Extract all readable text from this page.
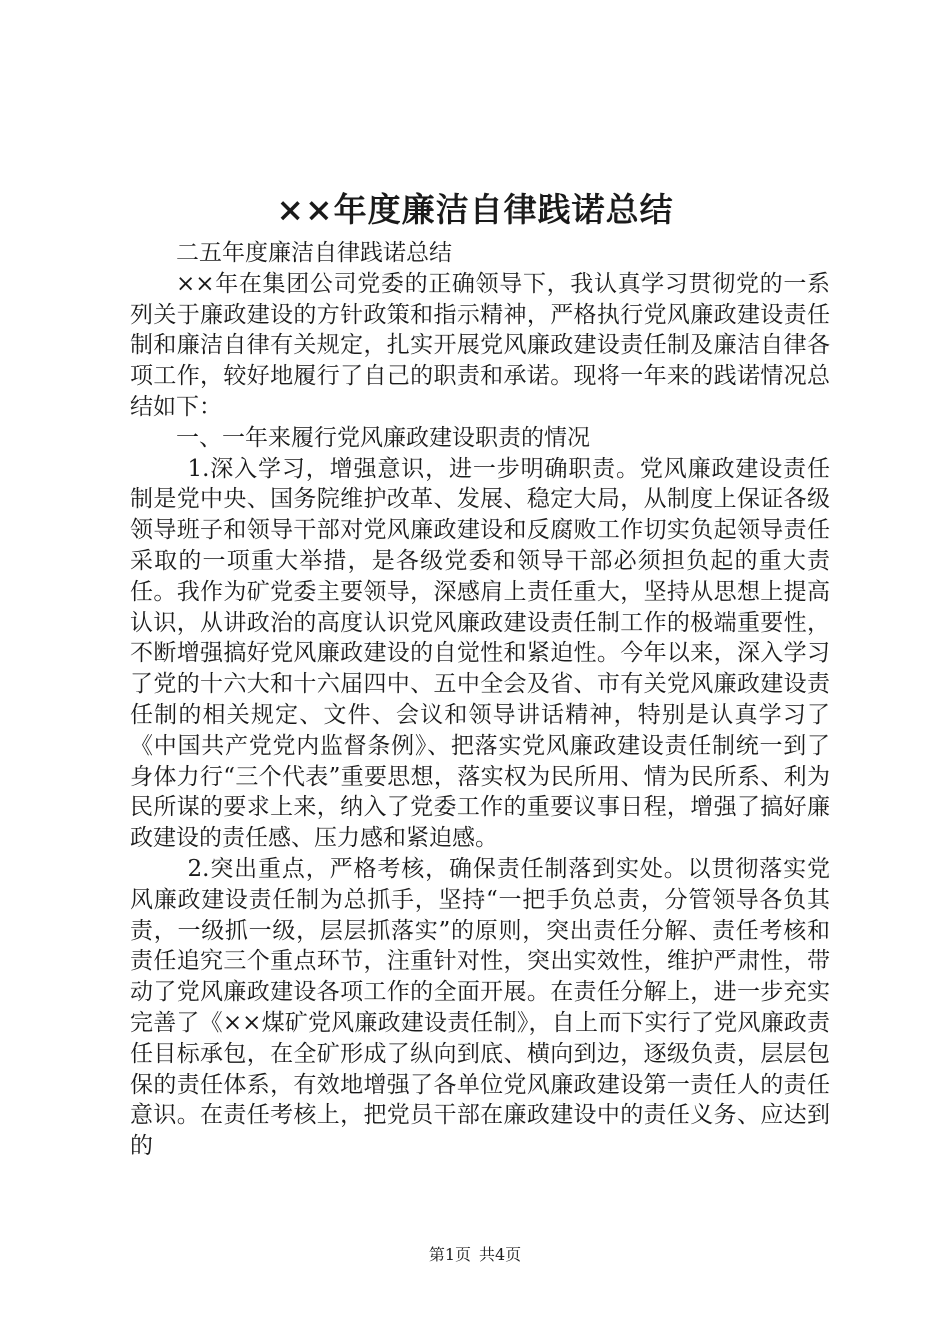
××年度廉洁自律践诺总结

二五年度廉洁自律践诺总结

××年在集团公司党委的正确领导下，我认真学习贯彻党的一系列关于廉政建设的方针政策和指示精神，严格执行党风廉政建设责任制和廉洁自律有关规定，扎实开展党风廉政建设责任制及廉洁自律各项工作，较好地履行了自己的职责和承诺。现将一年来的践诺情况总结如下：

一、一年来履行党风廉政建设职责的情况

1.深入学习，增强意识，进一步明确职责。党风廉政建设责任制是党中央、国务院维护改革、发展、稳定大局，从制度上保证各级领导班子和领导干部对党风廉政建设和反腐败工作切实负起领导责任采取的一项重大举措，是各级党委和领导干部必须担负起的重大责任。我作为矿党委主要领导，深感肩上责任重大，坚持从思想上提高认识，从讲政治的高度认识党风廉政建设责任制工作的极端重要性，不断增强搞好党风廉政建设的自觉性和紧迫性。今年以来，深入学习了党的十六大和十六届四中、五中全会及省、市有关党风廉政建设责任制的相关规定、文件、会议和领导讲话精神，特别是认真学习了《中国共产党党内监督条例》、把落实党风廉政建设责任制统一到了身体力行“三个代表”重要思想，落实权为民所用、情为民所系、利为民所谋的要求上来，纳入了党委工作的重要议事日程，增强了搞好廉政建设的责任感、压力感和紧迫感。

2.突出重点，严格考核，确保责任制落到实处。以贯彻落实党风廉政建设责任制为总抓手，坚持“一把手负总责，分管领导各负其责，一级抓一级，层层抓落实”的原则，突出责任分解、责任考核和责任追究三个重点环节，注重针对性，突出实效性，维护严肃性，带动了党风廉政建设各项工作的全面开展。在责任分解上，进一步充实完善了《××煤矿党风廉政建设责任制》，自上而下实行了党风廉政责任目标承包，在全矿形成了纵向到底、横向到边，逐级负责，层层包保的责任体系，有效地增强了各单位党风廉政建设第一责任人的责任意识。在责任考核上，把党员干部在廉政建设中的责任义务、应达到的

第1页 共4页
